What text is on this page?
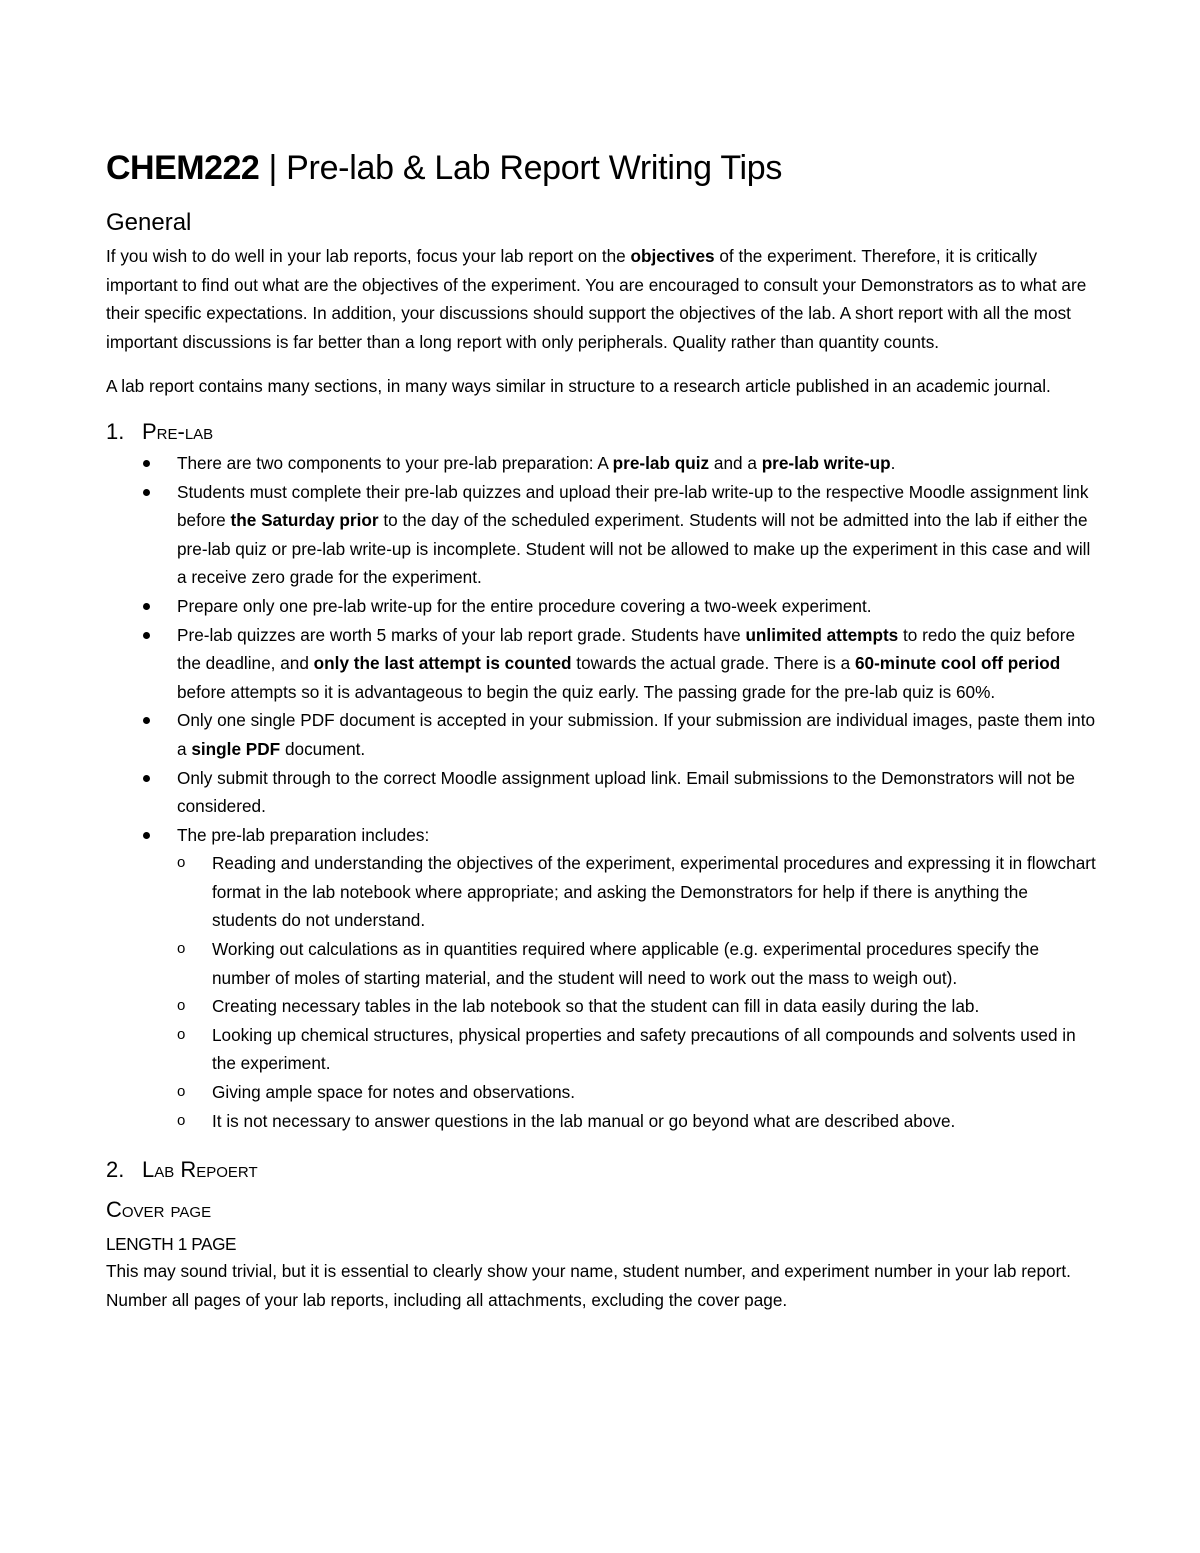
CHEM222 | Pre-lab & Lab Report Writing Tips
General

If you wish to do well in your lab reports, focus your lab report on the objectives of the experiment. Therefore, it is critically important to find out what are the objectives of the experiment. You are encouraged to consult your Demonstrators as to what are their specific expectations. In addition, your discussions should support the objectives of the lab. A short report with all the most important discussions is far better than a long report with only peripherals. Quality rather than quantity counts.

A lab report contains many sections, in many ways similar in structure to a research article published in an academic journal.

1. Pre-lab
There are two components to your pre-lab preparation: A pre-lab quiz and a pre-lab write-up.
Students must complete their pre-lab quizzes and upload their pre-lab write-up to the respective Moodle assignment link before the Saturday prior to the day of the scheduled experiment. Students will not be admitted into the lab if either the pre-lab quiz or pre-lab write-up is incomplete. Student will not be allowed to make up the experiment in this case and will a receive zero grade for the experiment.
Prepare only one pre-lab write-up for the entire procedure covering a two-week experiment.
Pre-lab quizzes are worth 5 marks of your lab report grade. Students have unlimited attempts to redo the quiz before the deadline, and only the last attempt is counted towards the actual grade. There is a 60-minute cool off period before attempts so it is advantageous to begin the quiz early. The passing grade for the pre-lab quiz is 60%.
Only one single PDF document is accepted in your submission. If your submission are individual images, paste them into a single PDF document.
Only submit through to the correct Moodle assignment upload link. Email submissions to the Demonstrators will not be considered.
The pre-lab preparation includes:
o Reading and understanding the objectives of the experiment, experimental procedures and expressing it in flowchart format in the lab notebook where appropriate; and asking the Demonstrators for help if there is anything the students do not understand.
o Working out calculations as in quantities required where applicable (e.g. experimental procedures specify the number of moles of starting material, and the student will need to work out the mass to weigh out).
o Creating necessary tables in the lab notebook so that the student can fill in data easily during the lab.
o Looking up chemical structures, physical properties and safety precautions of all compounds and solvents used in the experiment.
o Giving ample space for notes and observations.
o It is not necessary to answer questions in the lab manual or go beyond what are described above.
2. Lab Repoert
Cover page
LENGTH 1 PAGE

This may sound trivial, but it is essential to clearly show your name, student number, and experiment number in your lab report. Number all pages of your lab reports, including all attachments, excluding the cover page.
